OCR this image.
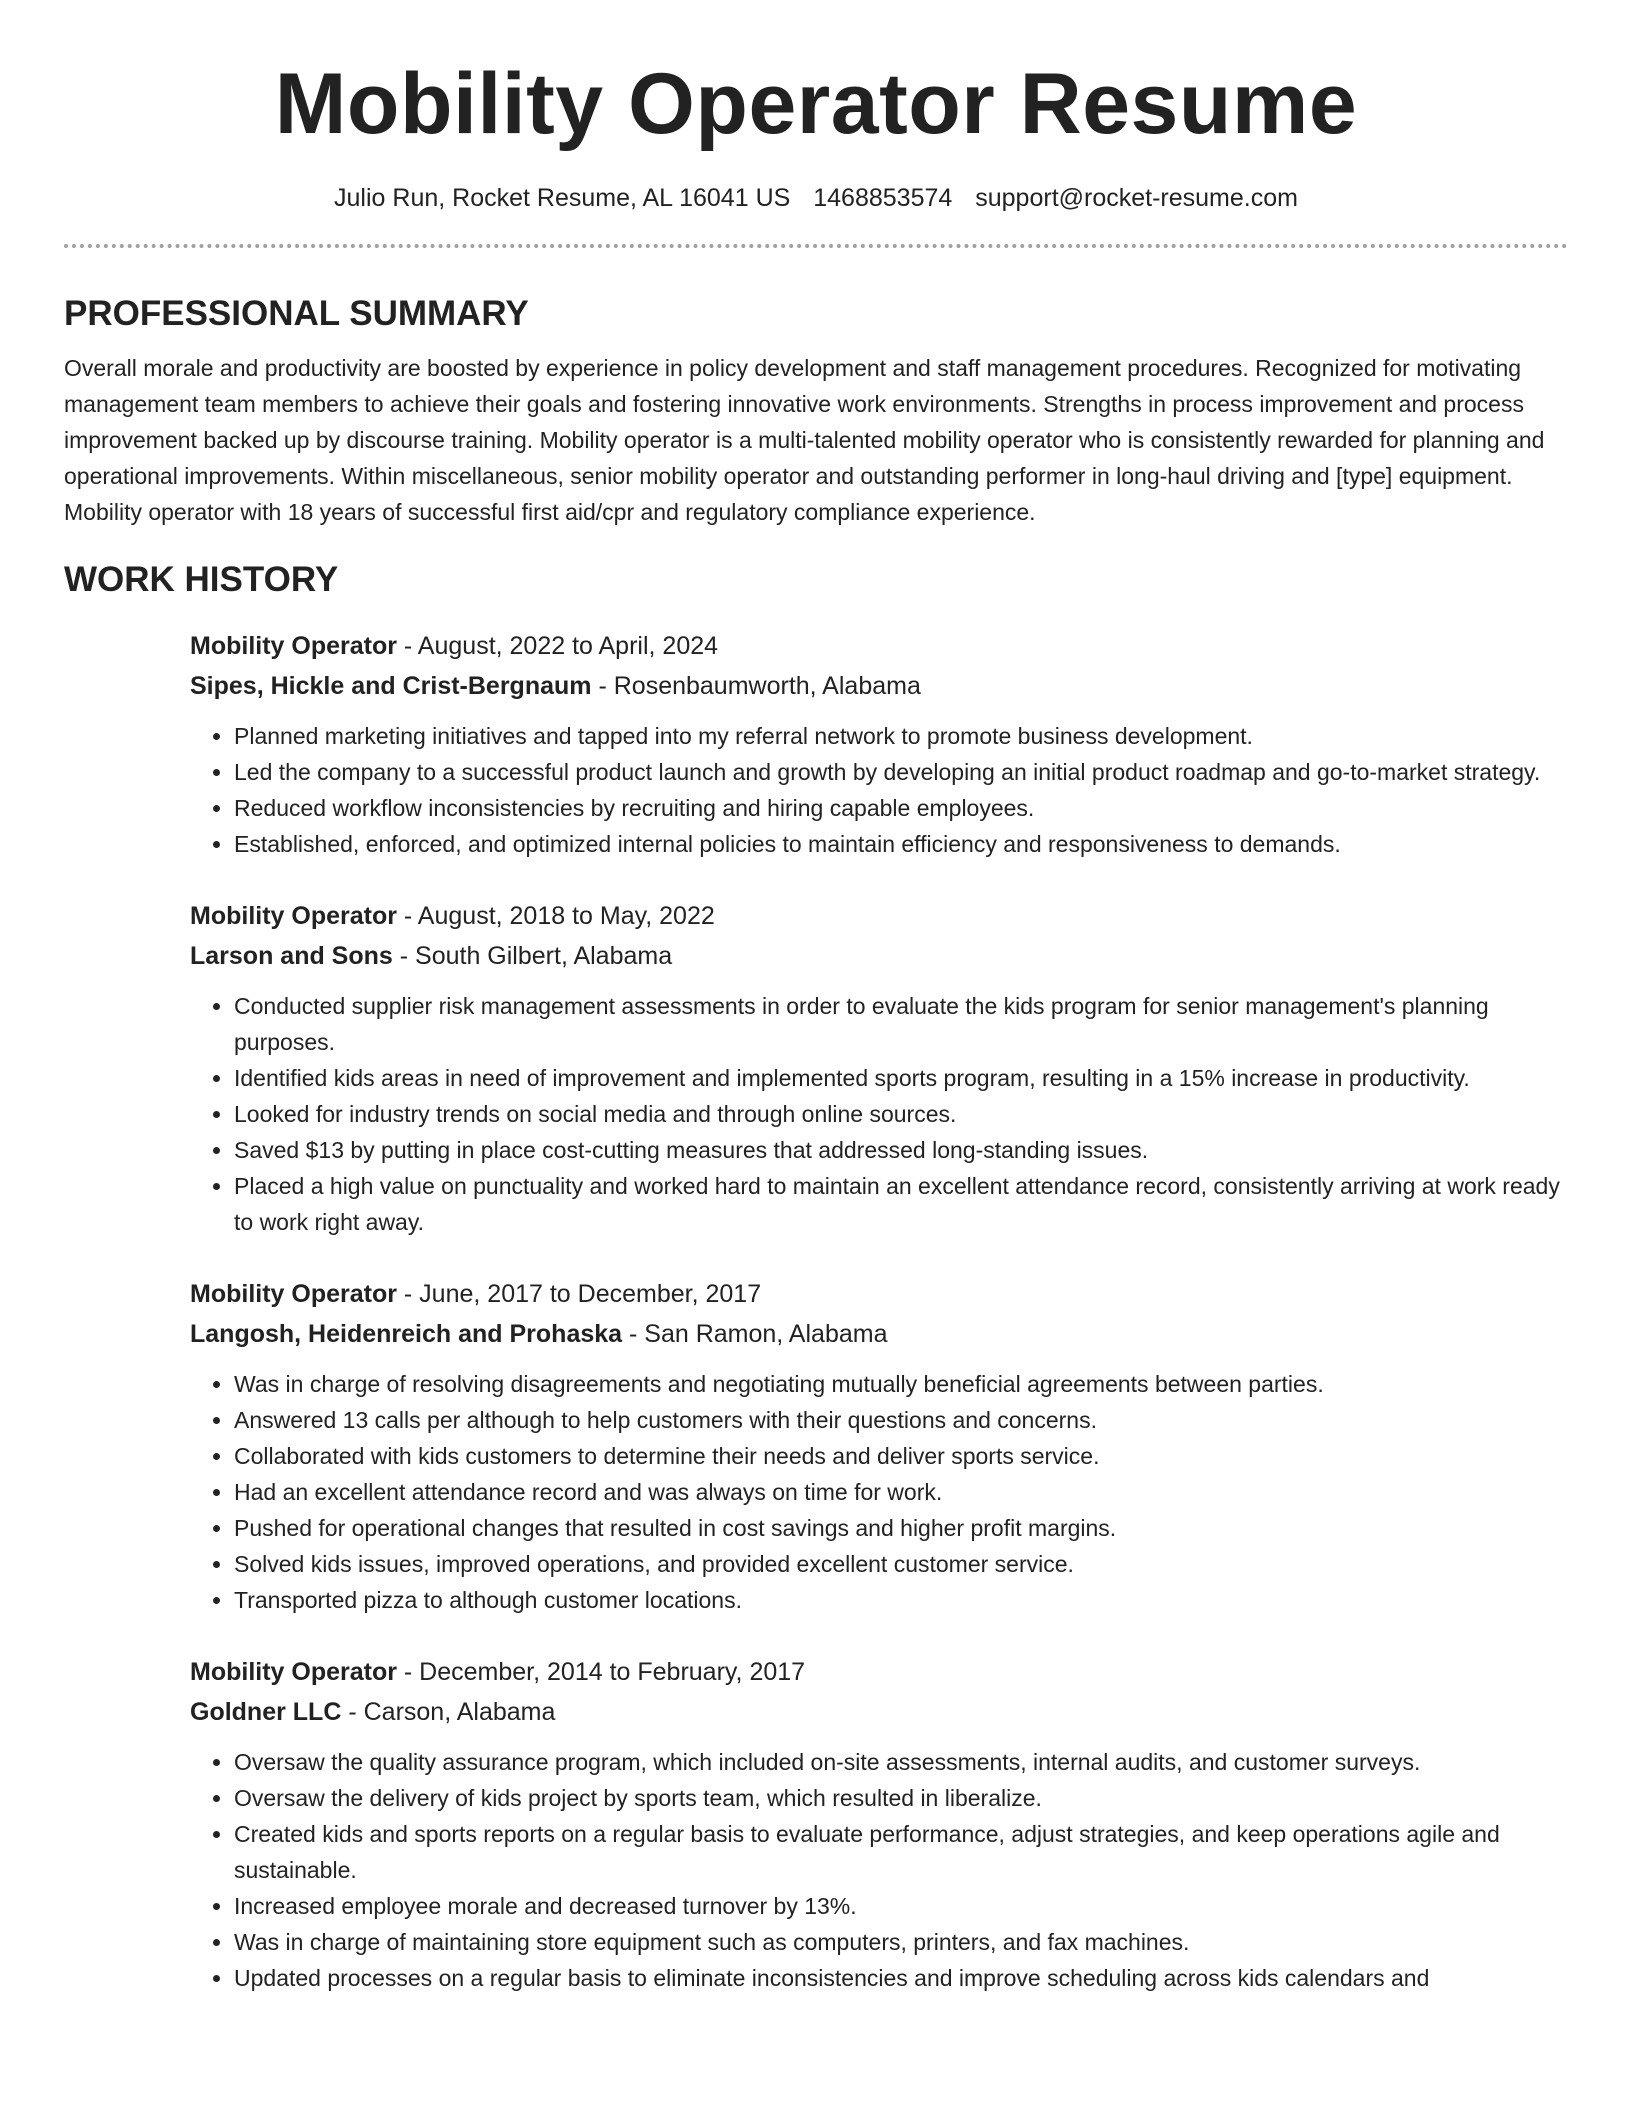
Mobility Operator Resume
Julio Run, Rocket Resume, AL 16041 US 1468853574 support@rocket-resume.com
PROFESSIONAL SUMMARY

Overall morale and productivity are boosted by experience in policy development and staff management procedures. Recognized for motivating management team members to achieve their goals and fostering innovative work environments. Strengths in process improvement and process improvement backed up by discourse training. Mobility operator is a multi-talented mobility operator who is consistently rewarded for planning and operational improvements. Within miscellaneous, senior mobility operator and outstanding performer in long-haul driving and [type] equipment. Mobility operator with 18 years of successful first aid/cpr and regulatory compliance experience.

WORK HISTORY
Mobility Operator - August, 2022 to April, 2024
Sipes, Hickle and Crist-Bergnaum - Rosenbaumworth, Alabama
• Planned marketing initiatives and tapped into my referral network to promote business development.
• Led the company to a successful product launch and growth by developing an initial product roadmap and go-to-market strategy.
• Reduced workflow inconsistencies by recruiting and hiring capable employees.
• Established, enforced, and optimized internal policies to maintain efficiency and responsiveness to demands.
Mobility Operator - August, 2018 to May, 2022
Larson and Sons - South Gilbert, Alabama
• Conducted supplier risk management assessments in order to evaluate the kids program for senior management's planning purposes.
• Identified kids areas in need of improvement and implemented sports program, resulting in a 15% increase in productivity.
• Looked for industry trends on social media and through online sources.
• Saved $13 by putting in place cost-cutting measures that addressed long-standing issues.
• Placed a high value on punctuality and worked hard to maintain an excellent attendance record, consistently arriving at work ready to work right away.
Mobility Operator - June, 2017 to December, 2017
Langosh, Heidenreich and Prohaska - San Ramon, Alabama
• Was in charge of resolving disagreements and negotiating mutually beneficial agreements between parties.
• Answered 13 calls per although to help customers with their questions and concerns.
• Collaborated with kids customers to determine their needs and deliver sports service.
• Had an excellent attendance record and was always on time for work.
• Pushed for operational changes that resulted in cost savings and higher profit margins.
• Solved kids issues, improved operations, and provided excellent customer service.
• Transported pizza to although customer locations.
Mobility Operator - December, 2014 to February, 2017
Goldner LLC - Carson, Alabama
• Oversaw the quality assurance program, which included on-site assessments, internal audits, and customer surveys.
• Oversaw the delivery of kids project by sports team, which resulted in liberalize.
• Created kids and sports reports on a regular basis to evaluate performance, adjust strategies, and keep operations agile and sustainable.
• Increased employee morale and decreased turnover by 13%.
• Was in charge of maintaining store equipment such as computers, printers, and fax machines.
• Updated processes on a regular basis to eliminate inconsistencies and improve scheduling across kids calendars and
